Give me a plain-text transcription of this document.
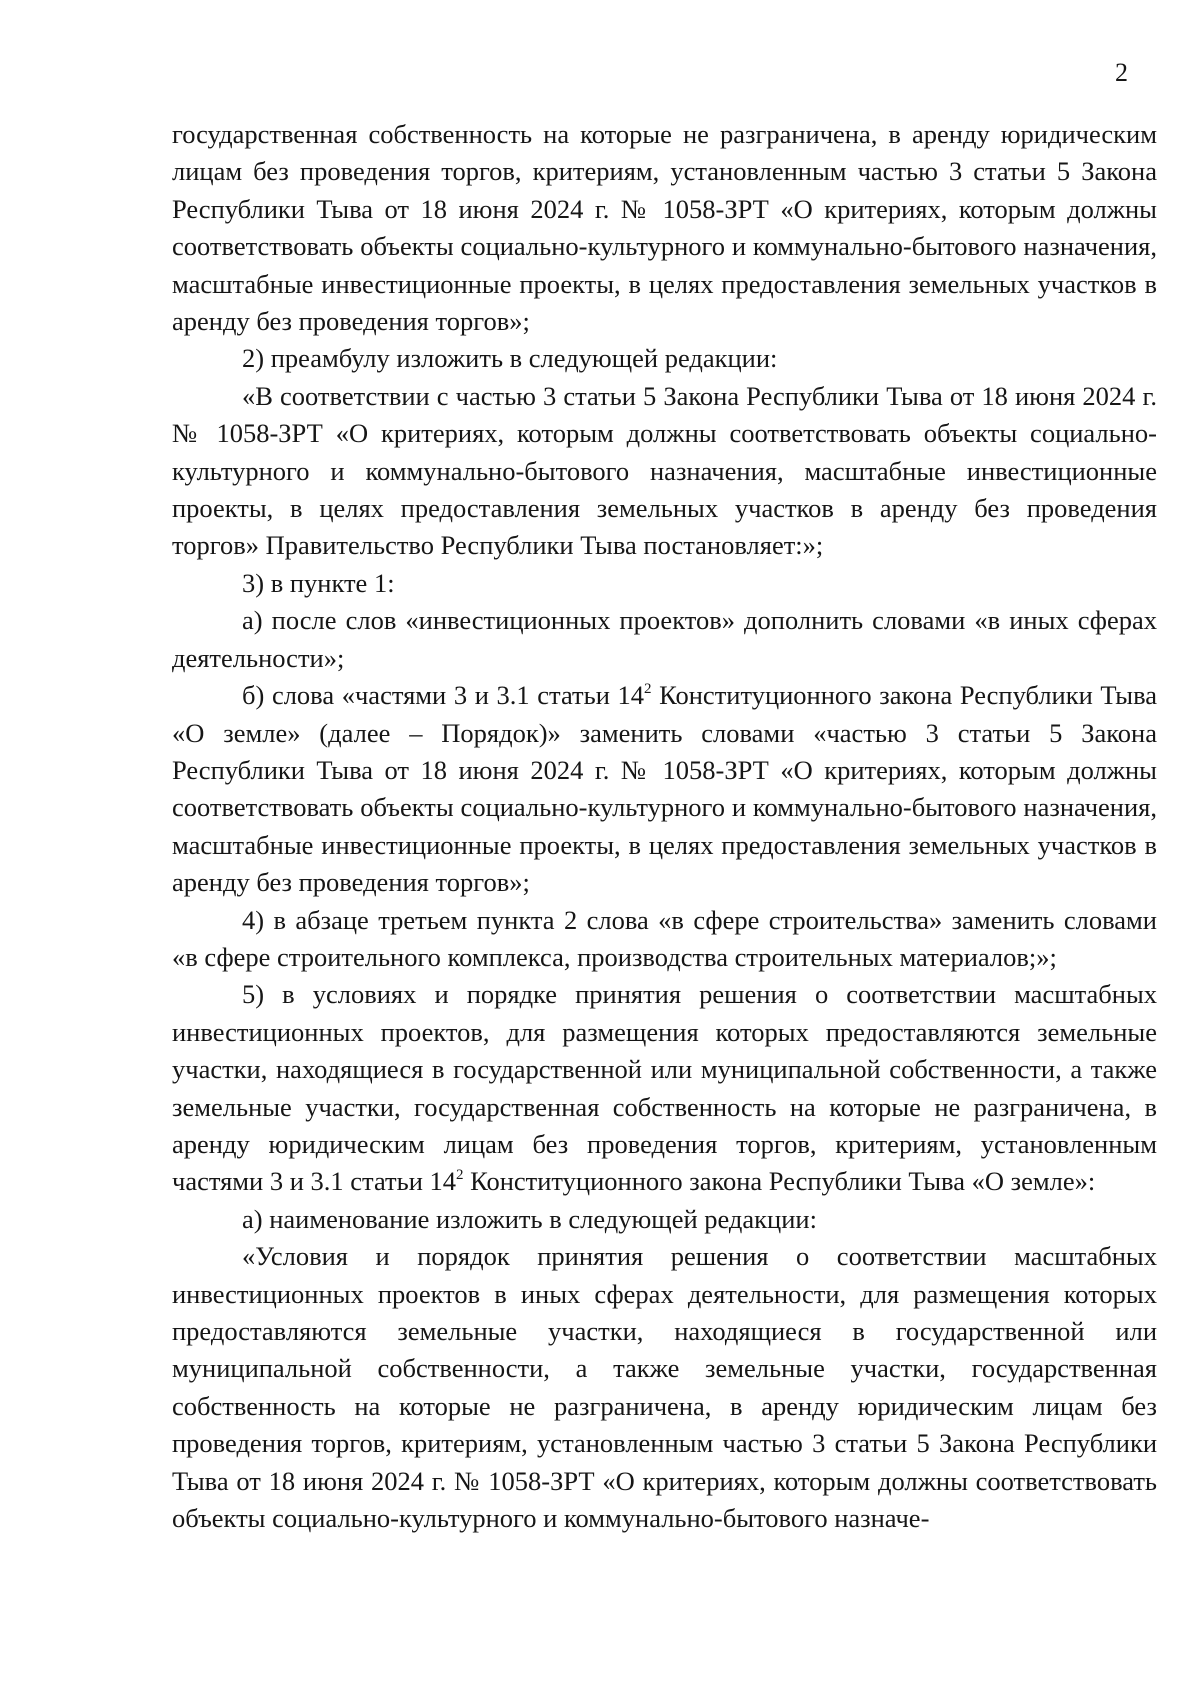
2

государственная собственность на которые не разграничена, в аренду юридическим лицам без проведения торгов, критериям, установленным частью 3 статьи 5 Закона Республики Тыва от 18 июня 2024 г. № 1058-ЗРТ «О критериях, которым должны соответствовать объекты социально-культурного и коммунально-бытового назначения, масштабные инвестиционные проекты, в целях предоставления земельных участков в аренду без проведения торгов»;

2) преамбулу изложить в следующей редакции:

«В соответствии с частью 3 статьи 5 Закона Республики Тыва от 18 июня 2024 г. № 1058-ЗРТ «О критериях, которым должны соответствовать объекты социально-культурного и коммунально-бытового назначения, масштабные инвестиционные проекты, в целях предоставления земельных участков в аренду без проведения торгов» Правительство Республики Тыва постановляет:»;

3) в пункте 1:

а) после слов «инвестиционных проектов» дополнить словами «в иных сферах деятельности»;

б) слова «частями 3 и 3.1 статьи $14^2$ Конституционного закона Республики Тыва «О земле» (далее – Порядок)» заменить словами «частью 3 статьи 5 Закона Республики Тыва от 18 июня 2024 г. № 1058-ЗРТ «О критериях, которым должны соответствовать объекты социально-культурного и коммунально-бытового назначения, масштабные инвестиционные проекты, в целях предоставления земельных участков в аренду без проведения торгов»;

4) в абзаце третьем пункта 2 слова «в сфере строительства» заменить словами «в сфере строительного комплекса, производства строительных материалов;»;

5) в условиях и порядке принятия решения о соответствии масштабных инвестиционных проектов, для размещения которых предоставляются земельные участки, находящиеся в государственной или муниципальной собственности, а также земельные участки, государственная собственность на которые не разграничена, в аренду юридическим лицам без проведения торгов, критериям, установленным частями 3 и 3.1 статьи $14^2$ Конституционного закона Республики Тыва «О земле»:

а) наименование изложить в следующей редакции:

«Условия и порядок принятия решения о соответствии масштабных инвестиционных проектов в иных сферах деятельности, для размещения которых предоставляются земельные участки, находящиеся в государственной или муниципальной собственности, а также земельные участки, государственная собственность на которые не разграничена, в аренду юридическим лицам без проведения торгов, критериям, установленным частью 3 статьи 5 Закона Республики Тыва от 18 июня 2024 г. № 1058-ЗРТ «О критериях, которым должны соответствовать объекты социально-культурного и коммунально-бытового назначе-
